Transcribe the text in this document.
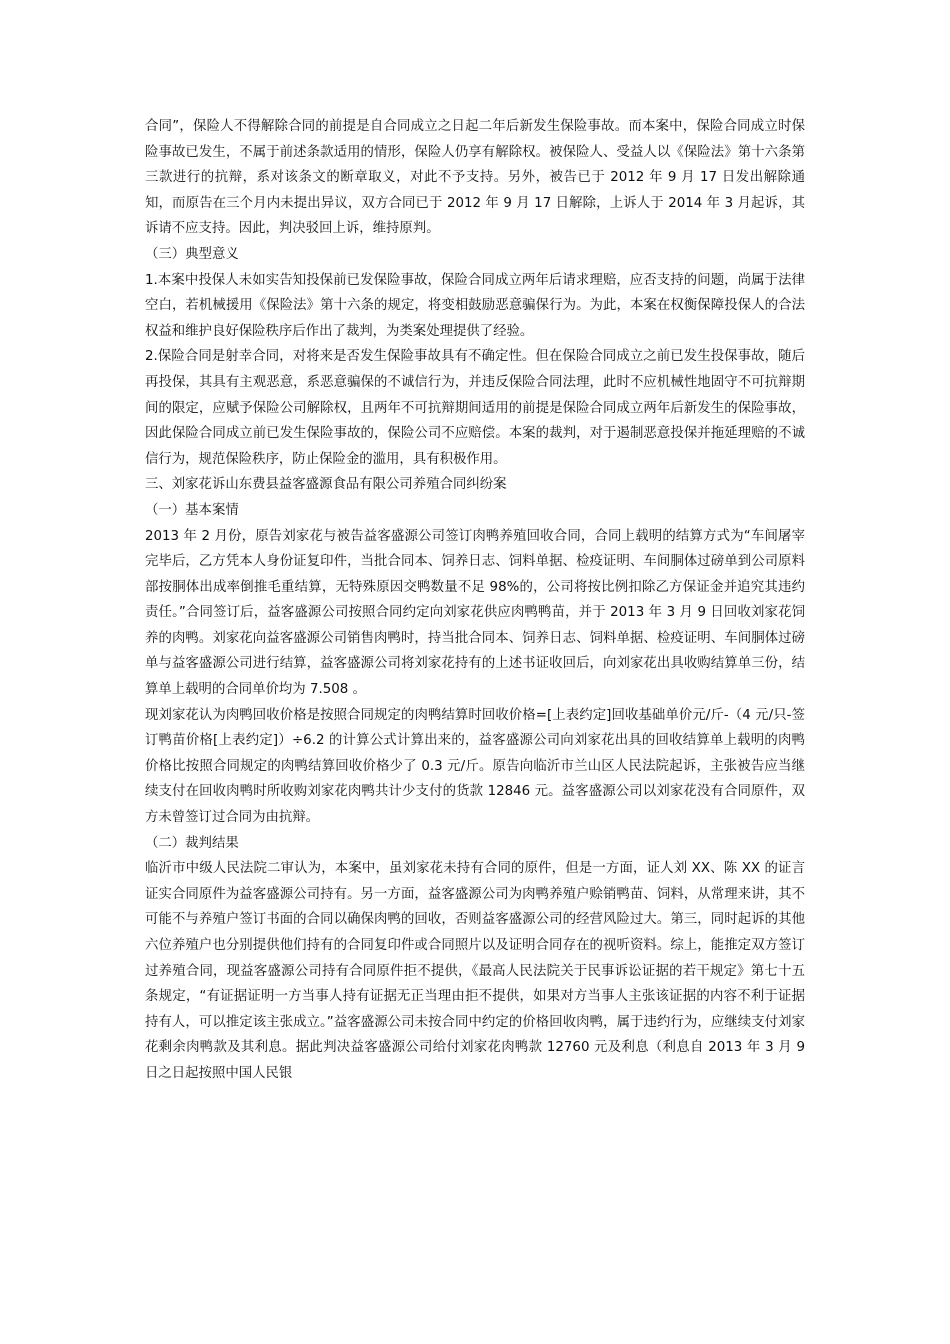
合同”，保险人不得解除合同的前提是自合同成立之日起二年后新发生保险事故。而本案中，保险合同成立时保险事故已发生，不属于前述条款适用的情形，保险人仍享有解除权。被保险人、受益人以《保险法》第十六条第三款进行的抗辩，系对该条文的断章取义，对此不予支持。另外，被告已于 2012 年 9 月 17 日发出解除通知，而原告在三个月内未提出异议，双方合同已于 2012 年 9 月 17 日解除，上诉人于 2014 年 3 月起诉，其诉请不应支持。因此，判决驳回上诉，维持原判。

（三）典型意义

1.本案中投保人未如实告知投保前已发保险事故，保险合同成立两年后请求理赔，应否支持的问题，尚属于法律空白，若机械援用《保险法》第十六条的规定，将变相鼓励恶意骗保行为。为此，本案在权衡保障投保人的合法权益和维护良好保险秩序后作出了裁判，为类案处理提供了经验。

2.保险合同是射幸合同，对将来是否发生保险事故具有不确定性。但在保险合同成立之前已发生投保事故，随后再投保，其具有主观恶意，系恶意骗保的不诚信行为，并违反保险合同法理，此时不应机械性地固守不可抗辩期间的限定，应赋予保险公司解除权，且两年不可抗辩期间适用的前提是保险合同成立两年后新发生的保险事故，因此保险合同成立前已发生保险事故的，保险公司不应赔偿。本案的裁判，对于遏制恶意投保并拖延理赔的不诚信行为，规范保险秩序，防止保险金的滥用，具有积极作用。

三、刘家花诉山东费县益客盛源食品有限公司养殖合同纠纷案

（一）基本案情

2013 年 2 月份，原告刘家花与被告益客盛源公司签订肉鸭养殖回收合同，合同上载明的结算方式为“车间屠宰完毕后，乙方凭本人身份证复印件，当批合同本、饲养日志、饲料单据、检疫证明、车间胴体过磅单到公司原料部按胴体出成率倒推毛重结算，无特殊原因交鸭数量不足 98%的，公司将按比例扣除乙方保证金并追究其违约责任。”合同签订后，益客盛源公司按照合同约定向刘家花供应肉鸭鸭苗，并于 2013 年 3 月 9 日回收刘家花饲养的肉鸭。刘家花向益客盛源公司销售肉鸭时，持当批合同本、饲养日志、饲料单据、检疫证明、车间胴体过磅单与益客盛源公司进行结算，益客盛源公司将刘家花持有的上述书证收回后，向刘家花出具收购结算单三份，结算单上载明的合同单价均为 7.508 。

现刘家花认为肉鸭回收价格是按照合同规定的肉鸭结算时回收价格=[上表约定]回收基础单价元/斤-（4 元/只-签订鸭苗价格[上表约定]）÷6.2 的计算公式计算出来的，益客盛源公司向刘家花出具的回收结算单上载明的肉鸭价格比按照合同规定的肉鸭结算回收价格少了 0.3 元/斤。原告向临沂市兰山区人民法院起诉，主张被告应当继续支付在回收肉鸭时所收购刘家花肉鸭共计少支付的货款 12846 元。益客盛源公司以刘家花没有合同原件，双方未曾签订过合同为由抗辩。

（二）裁判结果

临沂市中级人民法院二审认为，本案中，虽刘家花未持有合同的原件，但是一方面，证人刘 XX、陈 XX 的证言证实合同原件为益客盛源公司持有。另一方面，益客盛源公司为肉鸭养殖户赊销鸭苗、饲料，从常理来讲，其不可能不与养殖户签订书面的合同以确保肉鸭的回收，否则益客盛源公司的经营风险过大。第三，同时起诉的其他六位养殖户也分别提供他们持有的合同复印件或合同照片以及证明合同存在的视听资料。综上，能推定双方签订过养殖合同，现益客盛源公司持有合同原件拒不提供，《最高人民法院关于民事诉讼证据的若干规定》第七十五条规定，“有证据证明一方当事人持有证据无正当理由拒不提供，如果对方当事人主张该证据的内容不利于证据持有人，可以推定该主张成立。”益客盛源公司未按合同中约定的价格回收肉鸭，属于违约行为，应继续支付刘家花剩余肉鸭款及其利息。据此判决益客盛源公司给付刘家花肉鸭款 12760 元及利息（利息自 2013 年 3 月 9 日之日起按照中国人民银
